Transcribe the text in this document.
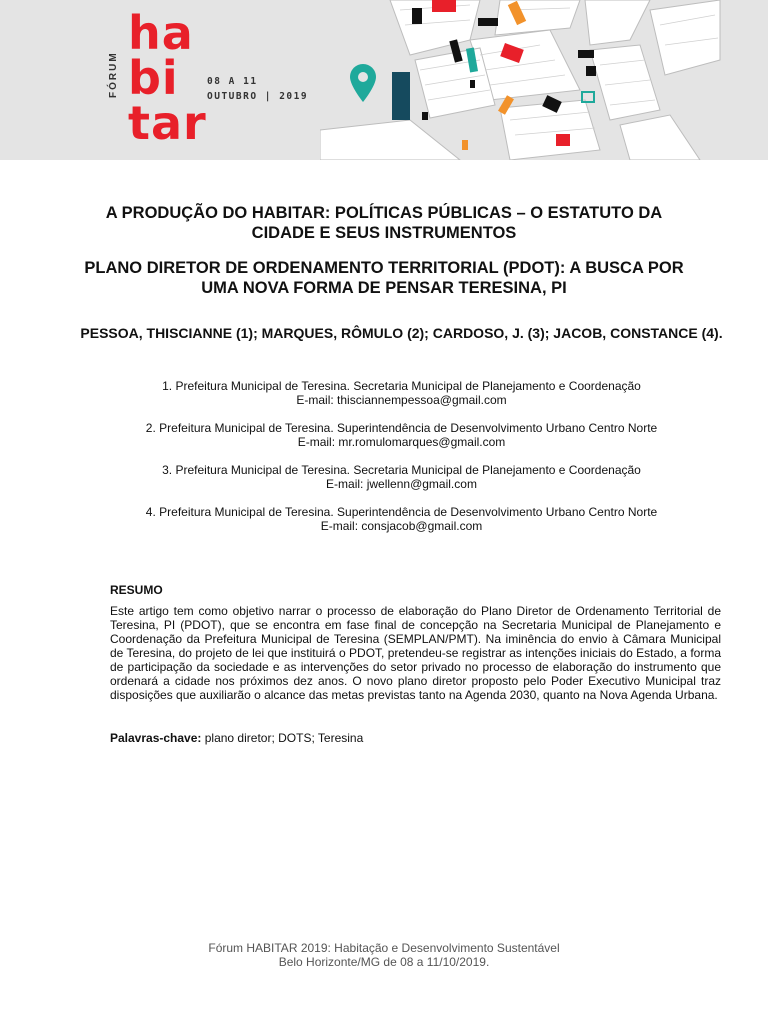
FÓRUM
ha
bi
tar
08 A 11
OUTUBRO | 2019
A PRODUÇÃO DO HABITAR: POLÍTICAS PÚBLICAS – O ESTATUTO DA CIDADE E SEUS INSTRUMENTOS
PLANO DIRETOR DE ORDENAMENTO TERRITORIAL (PDOT): A BUSCA POR UMA NOVA FORMA DE PENSAR TERESINA, PI
PESSOA, THISCIANNE (1); MARQUES, RÔMULO (2); CARDOSO, J. (3); JACOB, CONSTANCE (4).
1. Prefeitura Municipal de Teresina. Secretaria Municipal de Planejamento e Coordenação
E-mail: thisciannempessoa@gmail.com
2. Prefeitura Municipal de Teresina. Superintendência de Desenvolvimento Urbano Centro Norte
E-mail: mr.romulomarques@gmail.com
3. Prefeitura Municipal de Teresina. Secretaria Municipal de Planejamento e Coordenação
E-mail: jwellenn@gmail.com
4. Prefeitura Municipal de Teresina. Superintendência de Desenvolvimento Urbano Centro Norte
E-mail: consjacob@gmail.com
RESUMO
Este artigo tem como objetivo narrar o processo de elaboração do Plano Diretor de Ordenamento Territorial de Teresina, PI (PDOT), que se encontra em fase final de concepção na Secretaria Municipal de Planejamento e Coordenação da Prefeitura Municipal de Teresina (SEMPLAN/PMT). Na iminência do envio à Câmara Municipal de Teresina, do projeto de lei que instituirá o PDOT, pretendeu-se registrar as intenções iniciais do Estado, a forma de participação da sociedade e as intervenções do setor privado no processo de elaboração do instrumento que ordenará a cidade nos próximos dez anos. O novo plano diretor proposto pelo Poder Executivo Municipal traz disposições que auxiliarão o alcance das metas previstas tanto na Agenda 2030, quanto na Nova Agenda Urbana.
Palavras-chave: plano diretor; DOTS; Teresina
Fórum HABITAR 2019: Habitação e Desenvolvimento Sustentável
Belo Horizonte/MG de 08 a 11/10/2019.
